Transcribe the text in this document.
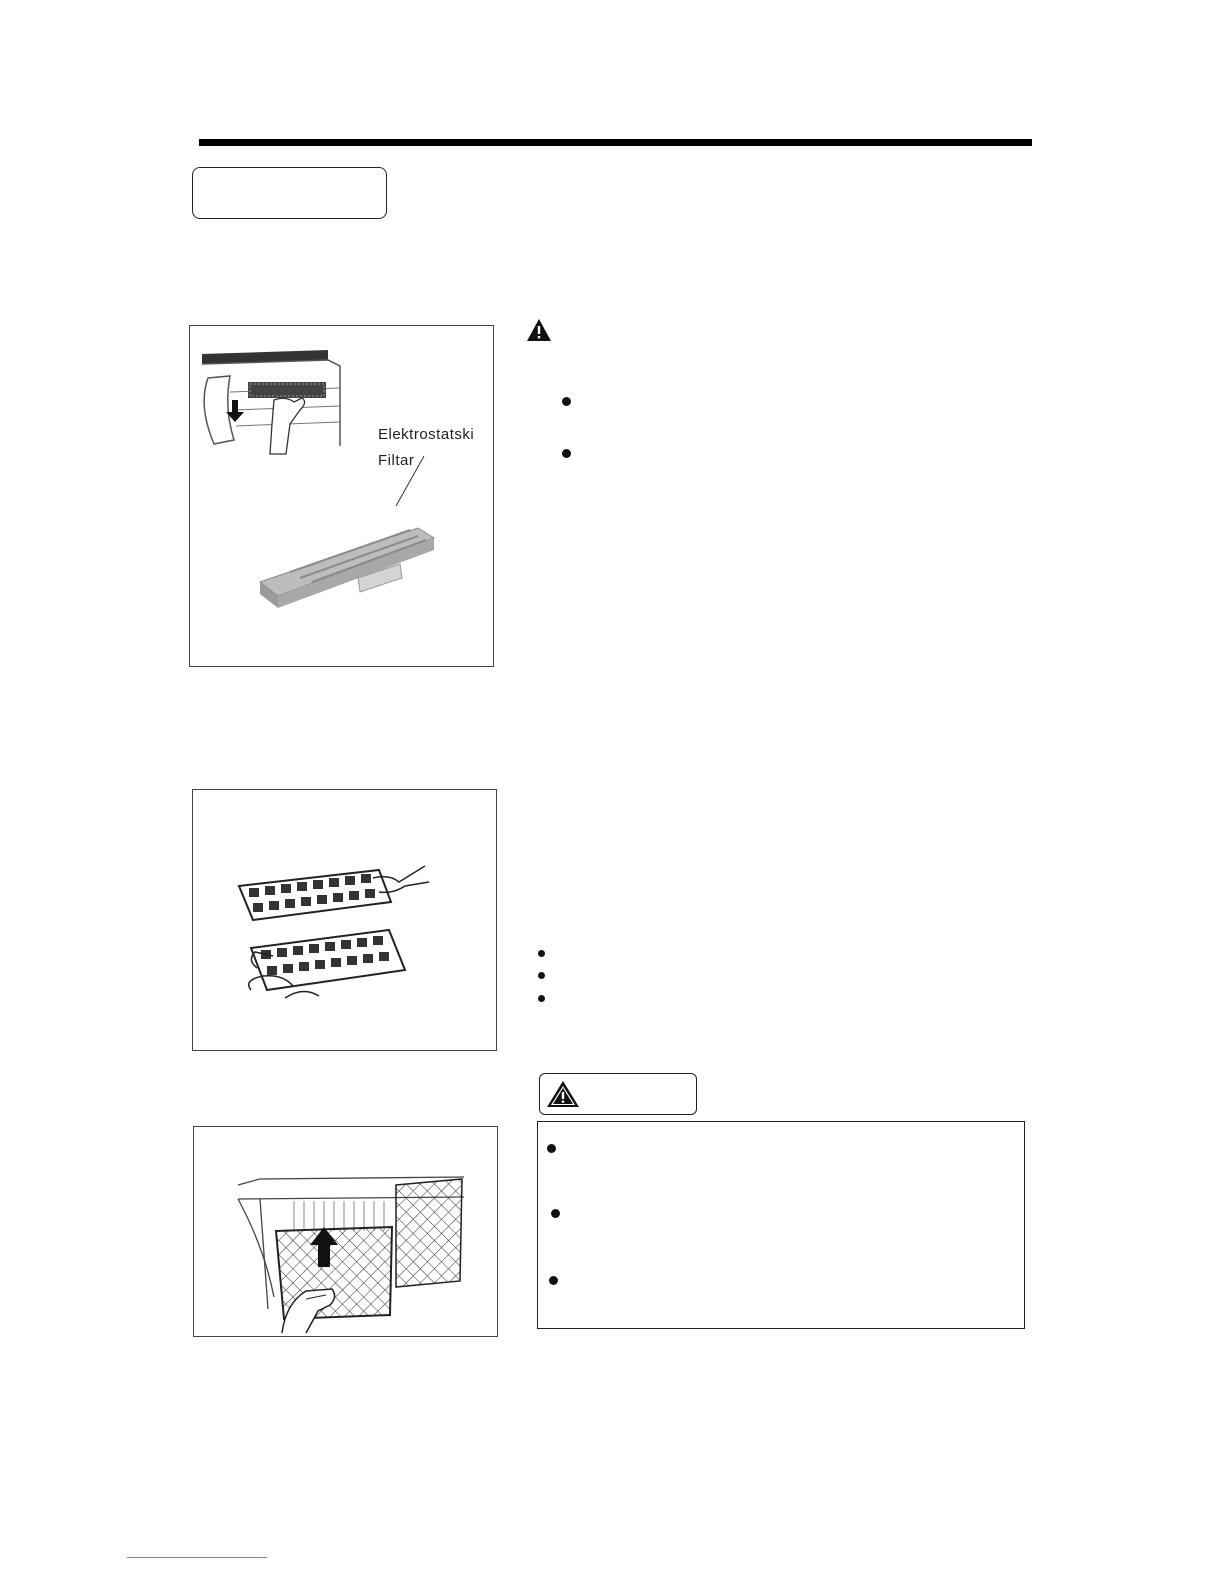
Elektrostatski
Filtar
